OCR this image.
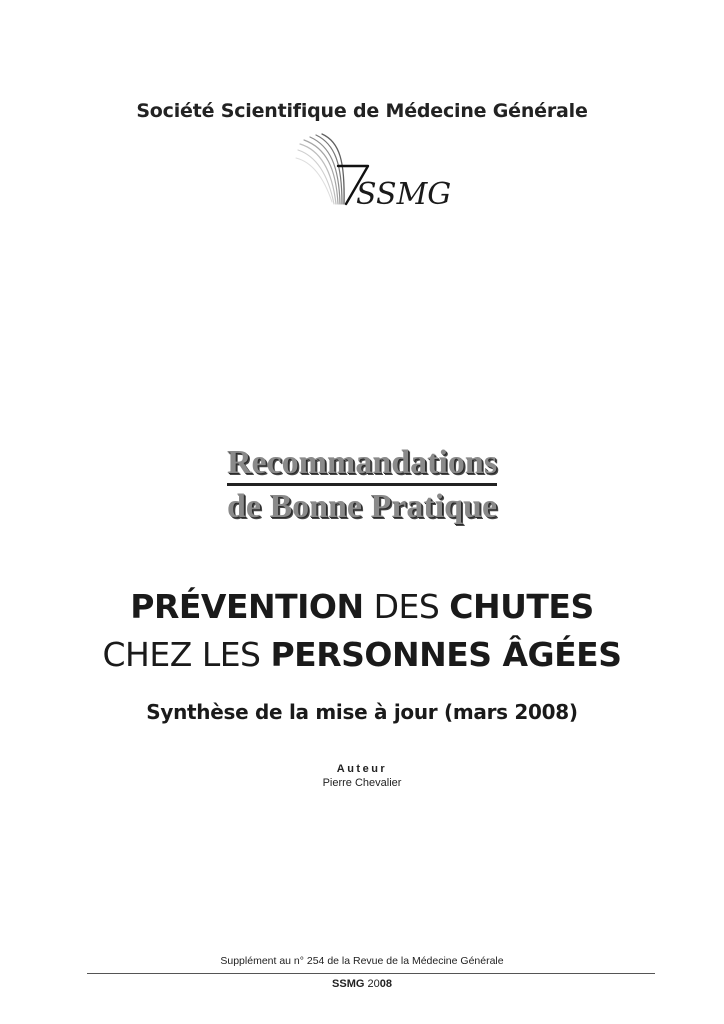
Société Scientifique de Médecine Générale
SSMG
Recommandations
de Bonne Pratique
PRÉVENTION DES CHUTES
CHEZ LES PERSONNES ÂGÉES
Synthèse de la mise à jour (mars 2008)
Auteur
Pierre Chevalier
Supplément au n° 254 de la Revue de la Médecine Générale
SSMG 2008
